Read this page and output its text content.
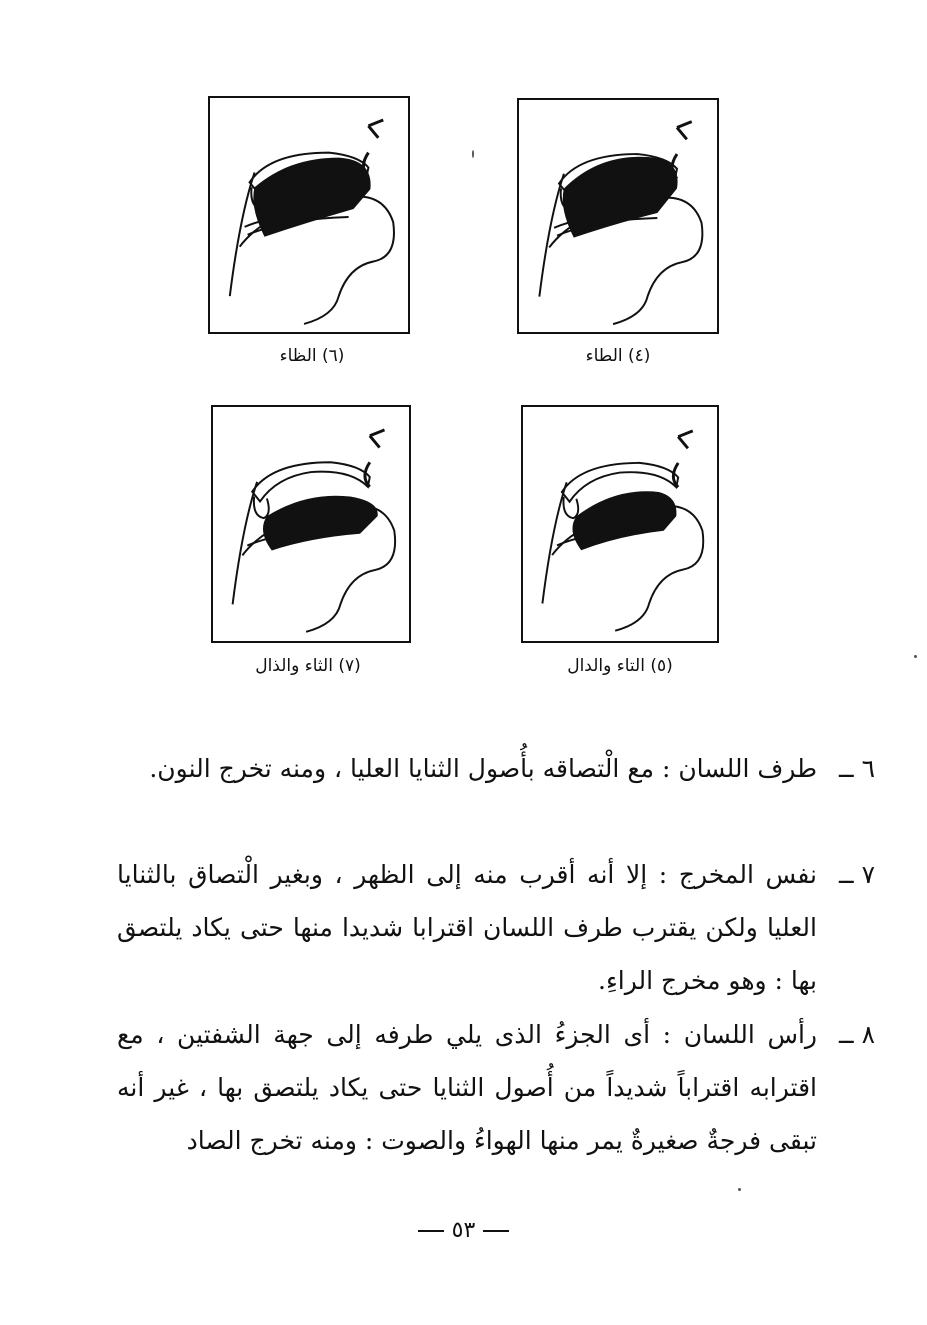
(٤) الطاء
(٦) الظاء
(٥) التاء والدال
(٧) الثاء والذال
٦ ــ
طرف اللسان : مع الْتصاقه بأُصول الثنايا العليا ، ومنه تخرج النون.
٧ ــ
نفس المخرج : إلا أنه أقرب منه إلى الظهر ، وبغير الْتصاق بالثنايا العليا ولكن يقترب طرف اللسان اقترابا شديدا منها حتى يكاد يلتصق بها : وهو مخرج الراءِ.
٨ ــ
رأس اللسان : أى الجزءُ الذى يلي طرفه إلى جهة الشفتين ، مع اقترابه اقتراباً شديداً من أُصول الثنايا حتى يكاد يلتصق بها ، غير أنه تبقى فرجةٌ صغيرةٌ يمر منها الهواءُ والصوت : ومنه تخرج الصاد
٥٣
